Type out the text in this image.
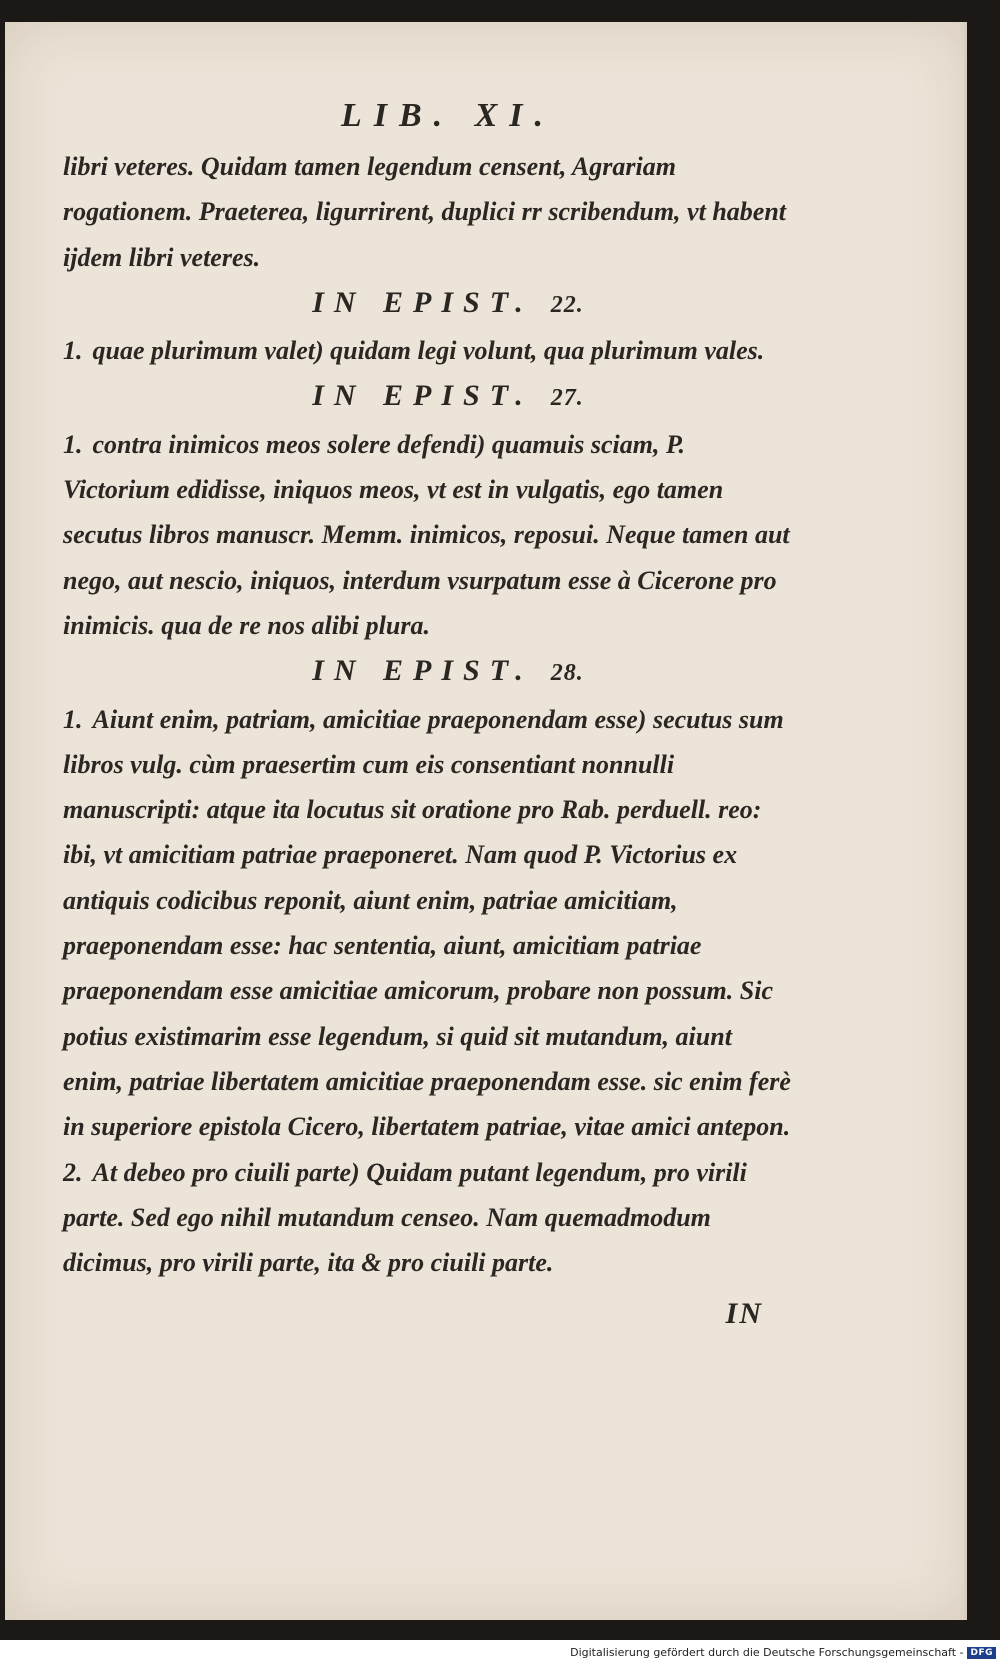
LIB. XI.
libri veteres. Quidam tamen legendum censent, Agrariam rogationem. Praeterea, ligurrirent, duplici rr scribendum, vt habent ijdem libri veteres.
IN EPIST. 22.
1. quae plurimum valet) quidam legi volunt, qua plurimum vales.
IN EPIST. 27.
1. contra inimicos meos solere defendi) quamuis sciam, P. Victorium edidisse, iniquos meos, vt est in vulgatis, ego tamen secutus libros manuscr. Memm. inimicos, reposui. Neque tamen aut nego, aut nescio, iniquos, interdum vsurpatum esse à Cicerone pro inimicis. qua de re nos alibi plura.
IN EPIST. 28.
1. Aiunt enim, patriam, amicitiae praeponendam esse) secutus sum libros vulg. cùm praesertim cum eis consentiant nonnulli manuscripti: atque ita locutus sit oratione pro Rab. perduell. reo: ibi, vt amicitiam patriae praeponeret. Nam quod P. Victorius ex antiquis codicibus reponit, aiunt enim, patriae amicitiam, praeponendam esse: hac sententia, aiunt, amicitiam patriae praeponendam esse amicitiae amicorum, probare non possum. Sic potius existimarim esse legendum, si quid sit mutandum, aiunt enim, patriae libertatem amicitiae praeponendam esse. sic enim ferè in superiore epistola Cicero, libertatem patriae, vitae amici antepon.
2. At debeo pro ciuili parte) Quidam putant legendum, pro virili parte. Sed ego nihil mutandum censeo. Nam quemadmodum dicimus, pro virili parte, ita & pro ciuili parte.
IN
Digitalisierung gefördert durch die Deutsche Forschungsgemeinschaft - DFG
